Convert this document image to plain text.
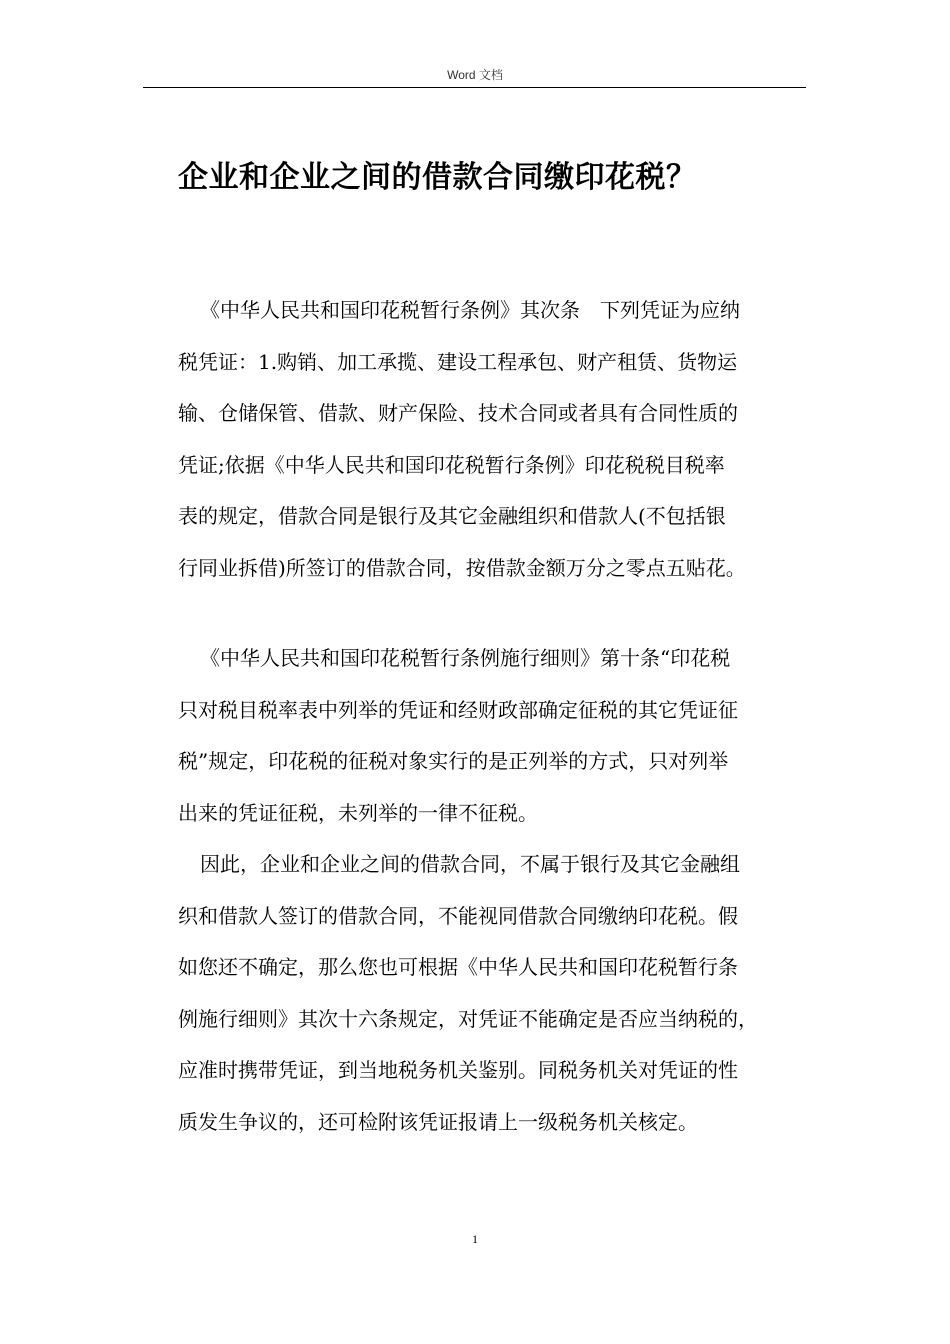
Word 文档
企业和企业之间的借款合同缴印花税？
《中华人民共和国印花税暂行条例》其次条　下列凭证为应纳
税凭证：1.购销、加工承揽、建设工程承包、财产租赁、货物运
输、仓储保管、借款、财产保险、技术合同或者具有合同性质的
凭证;依据《中华人民共和国印花税暂行条例》印花税税目税率
表的规定，借款合同是银行及其它金融组织和借款人(不包括银
行同业拆借)所签订的借款合同，按借款金额万分之零点五贴花。
《中华人民共和国印花税暂行条例施行细则》第十条“印花税
只对税目税率表中列举的凭证和经财政部确定征税的其它凭证征
税”规定，印花税的征税对象实行的是正列举的方式，只对列举
出来的凭证征税，未列举的一律不征税。
因此，企业和企业之间的借款合同，不属于银行及其它金融组
织和借款人签订的借款合同，不能视同借款合同缴纳印花税。假
如您还不确定，那么您也可根据《中华人民共和国印花税暂行条
例施行细则》其次十六条规定，对凭证不能确定是否应当纳税的，
应准时携带凭证，到当地税务机关鉴别。同税务机关对凭证的性
质发生争议的，还可检附该凭证报请上一级税务机关核定。
1
